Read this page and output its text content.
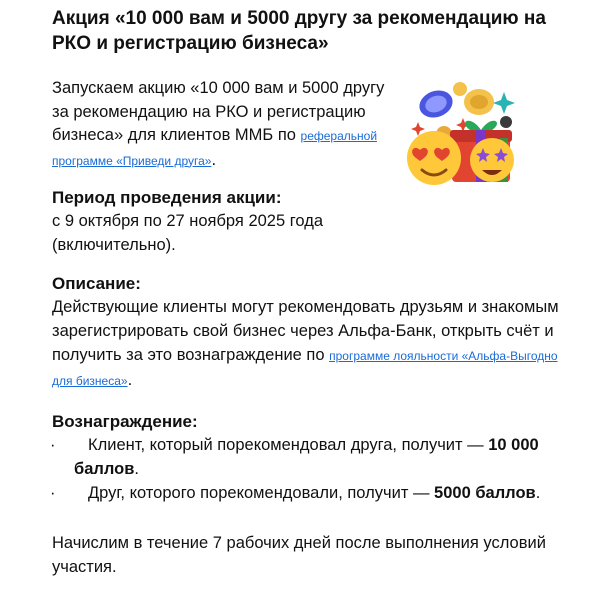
Акция «10 000 вам и 5000 другу за рекомендацию на РКО и регистрацию бизнеса»

Запускаем акцию «10 000 вам и 5000 другу за рекомендацию на РКО и регистрацию бизнеса» для клиентов ММБ по реферальной программе «Приведи друга».

Период проведения акции:
с 9 октября по 27 ноября 2025 года (включительно).
Описание:
Действующие клиенты могут рекомендовать друзьям и знакомым зарегистрировать свой бизнес через Альфа-Банк, открыть счёт и получить за это вознаграждение по программе лояльности «Альфа-Выгодно для бизнеса».
Вознаграждение:
·	Клиент, который порекомендовал друга, получит — 10 000 баллов.
·	Друг, которого порекомендовали, получит — 5000 баллов.
Начислим в течение 7 рабочих дней после выполнения условий участия.
